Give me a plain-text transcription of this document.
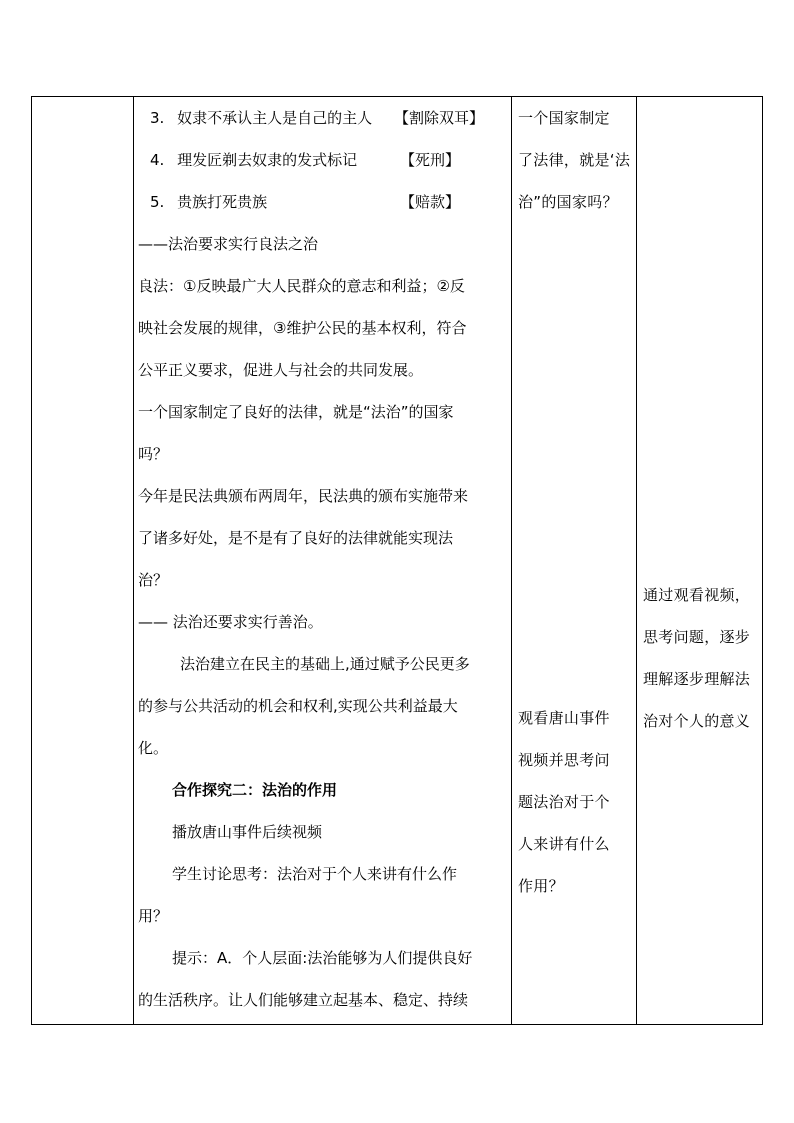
3. 奴隶不承认主人是自己的主人 【割除双耳】
4. 理发匠剃去奴隶的发式标记	【死刑】
5. 贵族打死贵族	【赔款】
——法治要求实行良法之治
良法：①反映最广大人民群众的意志和利益；②反
映社会发展的规律，③维护公民的基本权利，符合
公平正义要求，促进人与社会的共同发展。
一个国家制定了良好的法律，就是“法治”的国家
吗？
今年是民法典颁布两周年，民法典的颁布实施带来
了诸多好处，是不是有了良好的法律就能实现法
治？
—— 法治还要求实行善治。
法治建立在民主的基础上,通过赋予公民更多
的参与公共活动的机会和权利,实现公共利益最大
化。
合作探究二：法治的作用
播放唐山事件后续视频
学生讨论思考：法治对于个人来讲有什么作
用？
提示：A．个人层面:法治能够为人们提供良好
的生活秩序。让人们能够建立起基本、稳定、持续
一个国家制定
了法律，就是‘法
治”的国家吗？
观看唐山事件
视频并思考问
题法治对于个
人来讲有什么
作用？
通过观看视频，
思考问题，逐步
理解逐步理解法
治对个人的意义
